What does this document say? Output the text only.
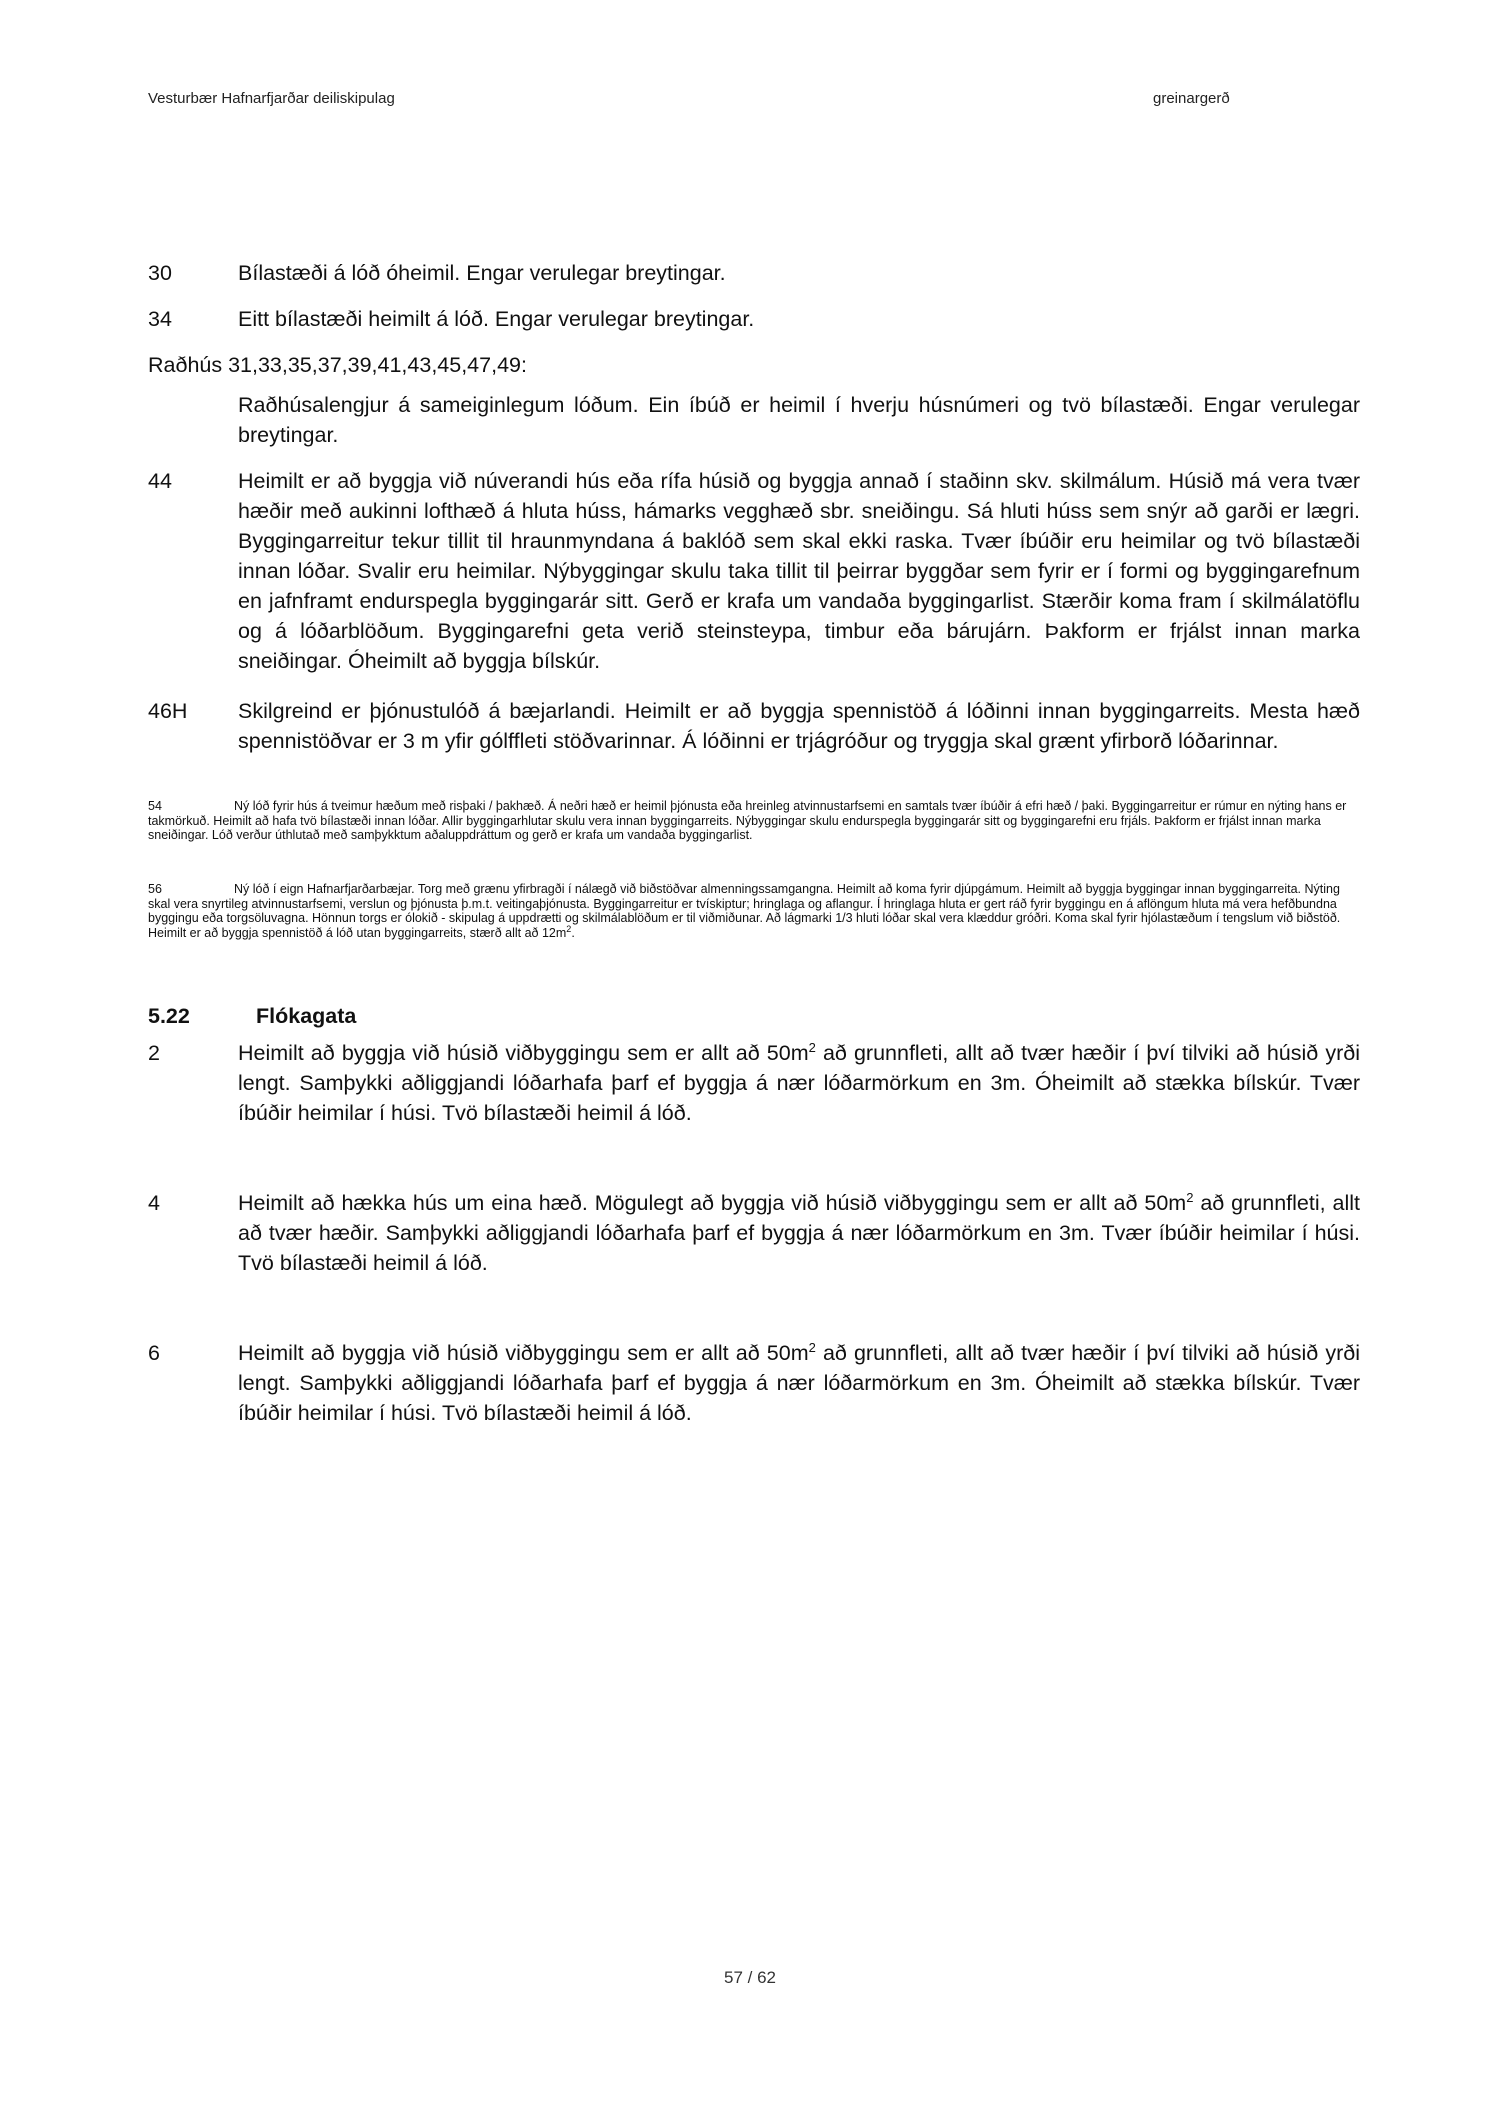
Vesturbær Hafnarfjarðar deiliskipulag	greinargerð
30	Bílastæði á lóð óheimil. Engar verulegar breytingar.
34	Eitt bílastæði heimilt á lóð. Engar verulegar breytingar.
Raðhús 31,33,35,37,39,41,43,45,47,49:
Raðhúsalengjur á sameiginlegum lóðum. Ein íbúð er heimil í hverju húsnúmeri og tvö bílastæði. Engar verulegar breytingar.
44	Heimilt er að byggja við núverandi hús eða rífa húsið og byggja annað í staðinn skv. skilmálum. Húsið má vera tvær hæðir með aukinni lofthæð á hluta húss, hámarks vegghæð sbr. sneiðingu. Sá hluti húss sem snýr að garði er lægri. Byggingarreitur tekur tillit til hraunmyndana á baklóð sem skal ekki raska. Tvær íbúðir eru heimilar og tvö bílastæði innan lóðar. Svalir eru heimilar. Nýbyggingar skulu taka tillit til þeirrar byggðar sem fyrir er í formi og byggingarefnum en jafnframt endurspegla byggingarár sitt. Gerð er krafa um vandaða byggingarlist. Stærðir koma fram í skilmálatöflu og á lóðarblöðum. Byggingarefni geta verið steinsteypa, timbur eða bárujárn. Þakform er frjálst innan marka sneiðingar. Óheimilt að byggja bílskúr.
46H Skilgreind er þjónustulóð á bæjarlandi. Heimilt er að byggja spennistöð á lóðinni innan byggingarreits. Mesta hæð spennistöðvar er 3 m yfir gólffleti stöðvarinnar. Á lóðinni er trjágróður og tryggja skal grænt yfirborð lóðarinnar.
54	Ný lóð fyrir hús á tveimur hæðum með risþaki / þakhæð. Á neðri hæð er heimil þjónusta eða hreinleg atvinnustarfsemi en samtals tvær íbúðir á efri hæð / þaki. Byggingarreitur er rúmur en nýting hans er takmörkuð. Heimilt að hafa tvö bílastæði innan lóðar. Allir byggingarhlutar skulu vera innan byggingarreits. Nýbyggingar skulu endurspegla byggingarár sitt og byggingarefni eru frjáls. Þakform er frjálst innan marka sneiðingar. Lóð verður úthlutað með samþykktum aðaluppdráttum og gerð er krafa um vandaða byggingarlist.
56	Ný lóð í eign Hafnarfjarðarbæjar. Torg með grænu yfirbragði í nálægð við biðstöðvar almenningssamgangna. Heimilt að koma fyrir djúpgámum. Heimilt að byggja byggingar innan byggingarreita. Nýting skal vera snyrtileg atvinnustarfsemi, verslun og þjónusta þ.m.t. veitingaþjónusta. Byggingarreitur er tvískiptur; hringlaga og aflangur. Í hringlaga hluta er gert ráð fyrir byggingu en á aflöngum hluta má vera hefðbundna byggingu eða torgsöluvagna. Hönnun torgs er ólokið - skipulag á uppdrætti og skilmálablöðum er til viðmiðunar. Að lágmarki 1/3 hluti lóðar skal vera klæddur gróðri. Koma skal fyrir hjólastæðum í tengslum við biðstöð. Heimilt er að byggja spennistöð á lóð utan byggingarreits, stærð allt að $12m^2$.
5.22	Flókagata
2	Heimilt að byggja við húsið viðbyggingu sem er allt að $50m^2$ að grunnfleti, allt að tvær hæðir í því tilviki að húsið yrði lengt. Samþykki aðliggjandi lóðarhafa þarf ef byggja á nær lóðarmörkum en 3m. Óheimilt að stækka bílskúr. Tvær íbúðir heimilar í húsi. Tvö bílastæði heimil á lóð.
4	Heimilt að hækka hús um eina hæð. Mögulegt að byggja við húsið viðbyggingu sem er allt að $50m^2$ að grunnfleti, allt að tvær hæðir. Samþykki aðliggjandi lóðarhafa þarf ef byggja á nær lóðarmörkum en 3m. Tvær íbúðir heimilar í húsi. Tvö bílastæði heimil á lóð.
6	Heimilt að byggja við húsið viðbyggingu sem er allt að $50m^2$ að grunnfleti, allt að tvær hæðir í því tilviki að húsið yrði lengt. Samþykki aðliggjandi lóðarhafa þarf ef byggja á nær lóðarmörkum en 3m. Óheimilt að stækka bílskúr. Tvær íbúðir heimilar í húsi. Tvö bílastæði heimil á lóð.
57 / 62
